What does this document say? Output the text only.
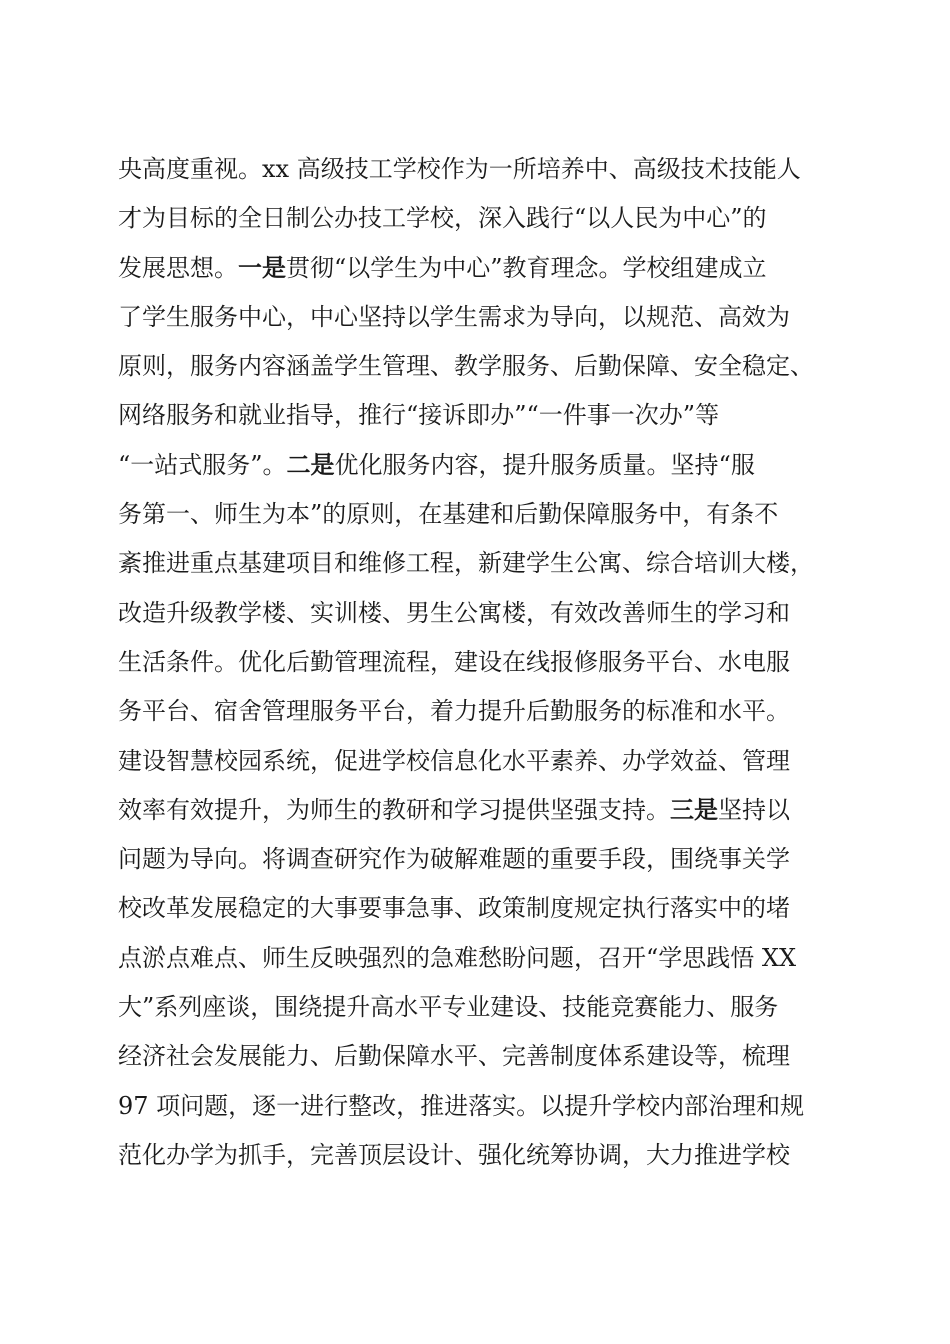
央高度重视。xx 高级技工学校作为一所培养中、高级技术技能人
才为目标的全日制公办技工学校，深入践行“以人民为中心”的
发展思想。一是贯彻“以学生为中心”教育理念。学校组建成立
了学生服务中心，中心坚持以学生需求为导向，以规范、高效为
原则，服务内容涵盖学生管理、教学服务、后勤保障、安全稳定、
网络服务和就业指导，推行“接诉即办”“一件事一次办”等
“一站式服务”。二是优化服务内容，提升服务质量。坚持“服
务第一、师生为本”的原则，在基建和后勤保障服务中，有条不
紊推进重点基建项目和维修工程，新建学生公寓、综合培训大楼，
改造升级教学楼、实训楼、男生公寓楼，有效改善师生的学习和
生活条件。优化后勤管理流程，建设在线报修服务平台、水电服
务平台、宿舍管理服务平台，着力提升后勤服务的标准和水平。
建设智慧校园系统，促进学校信息化水平素养、办学效益、管理
效率有效提升，为师生的教研和学习提供坚强支持。三是坚持以
问题为导向。将调查研究作为破解难题的重要手段，围绕事关学
校改革发展稳定的大事要事急事、政策制度规定执行落实中的堵
点淤点难点、师生反映强烈的急难愁盼问题，召开“学思践悟 XX
大”系列座谈，围绕提升高水平专业建设、技能竞赛能力、服务
经济社会发展能力、后勤保障水平、完善制度体系建设等，梳理
97 项问题，逐一进行整改，推进落实。以提升学校内部治理和规
范化办学为抓手，完善顶层设计、强化统筹协调，大力推进学校
